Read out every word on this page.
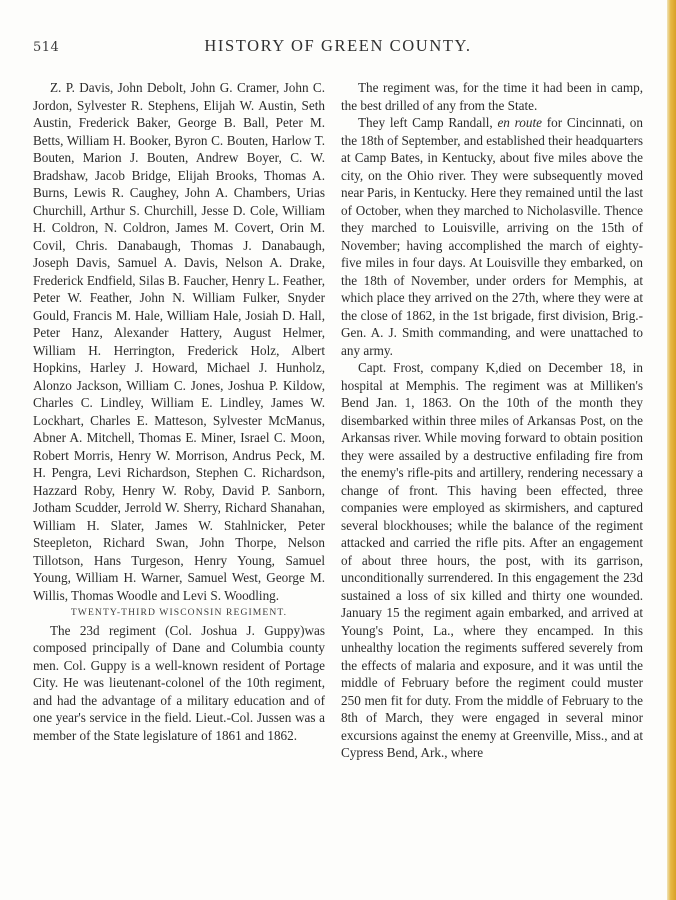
514	HISTORY OF GREEN COUNTY.

Z. P. Davis, John Debolt, John G. Cramer, John C. Jordon, Sylvester R. Stephens, Elijah W. Austin, Seth Austin, Frederick Baker, George B. Ball, Peter M. Betts, William H. Booker, Byron C. Bouten, Harlow T. Bouten, Marion J. Bouten, Andrew Boyer, C. W. Bradshaw, Jacob Bridge, Elijah Brooks, Thomas A. Burns, Lewis R. Caughey, John A. Chambers, Urias Churchill, Arthur S. Churchill, Jesse D. Cole, William H. Coldron, N. Coldron, James M. Covert, Orin M. Covil, Chris. Danabaugh, Thomas J. Danabaugh, Joseph Davis, Samuel A. Davis, Nelson A. Drake, Frederick Endfield, Silas B. Faucher, Henry L. Feather, Peter W. Feather, John N. William Fulker, Snyder Gould, Francis M. Hale, William Hale, Josiah D. Hall, Peter Hanz, Alexander Hattery, August Helmer, William H. Herrington, Frederick Holz, Albert Hopkins, Harley J. Howard, Michael J. Hunholz, Alonzo Jackson, William C. Jones, Joshua P. Kildow, Charles C. Lindley, William E. Lindley, James W. Lockhart, Charles E. Matteson, Sylvester McManus, Abner A. Mitchell, Thomas E. Miner, Israel C. Moon, Robert Morris, Henry W. Morrison, Andrus Peck, M. H. Pengra, Levi Richardson, Stephen C. Richardson, Hazzard Roby, Henry W. Roby, David P. Sanborn, Jotham Scudder, Jerrold W. Sherry, Richard Shanahan, William H. Slater, James W. Stahlnicker, Peter Steepleton, Richard Swan, John Thorpe, Nelson Tillotson, Hans Turgeson, Henry Young, Samuel Young, William H. Warner, Samuel West, George M. Willis, Thomas Woodle and Levi S. Woodling.

TWENTY-THIRD WISCONSIN REGIMENT.

The 23d regiment (Col. Joshua J. Guppy)was composed principally of Dane and Columbia county men. Col. Guppy is a well-known resident of Portage City. He was lieutenant-colonel of the 10th regiment, and had the advantage of a military education and of one year's service in the field. Lieut.-Col. Jussen was a member of the State legislature of 1861 and 1862.

The regiment was, for the time it had been in camp, the best drilled of any from the State.

They left Camp Randall, en route for Cincinnati, on the 18th of September, and established their headquarters at Camp Bates, in Kentucky, about five miles above the city, on the Ohio river. They were subsequently moved near Paris, in Kentucky. Here they remained until the last of October, when they marched to Nicholasville. Thence they marched to Louisville, arriving on the 15th of November; having accomplished the march of eighty-five miles in four days. At Louisville they embarked, on the 18th of November, under orders for Memphis, at which place they arrived on the 27th, where they were at the close of 1862, in the 1st brigade, first division, Brig.-Gen. A. J. Smith commanding, and were unattached to any army.

Capt. Frost, company K,died on December 18, in hospital at Memphis. The regiment was at Milliken's Bend Jan. 1, 1863. On the 10th of the month they disembarked within three miles of Arkansas Post, on the Arkansas river. While moving forward to obtain position they were assailed by a destructive enfilading fire from the enemy's rifle-pits and artillery, rendering necessary a change of front. This having been effected, three companies were employed as skirmishers, and captured several blockhouses; while the balance of the regiment attacked and carried the rifle pits. After an engagement of about three hours, the post, with its garrison, unconditionally surrendered. In this engagement the 23d sustained a loss of six killed and thirty one wounded. January 15 the regiment again embarked, and arrived at Young's Point, La., where they encamped. In this unhealthy location the regiments suffered severely from the effects of malaria and exposure, and it was until the middle of February before the regiment could muster 250 men fit for duty. From the middle of February to the 8th of March, they were engaged in several minor excursions against the enemy at Greenville, Miss., and at Cypress Bend, Ark., where
